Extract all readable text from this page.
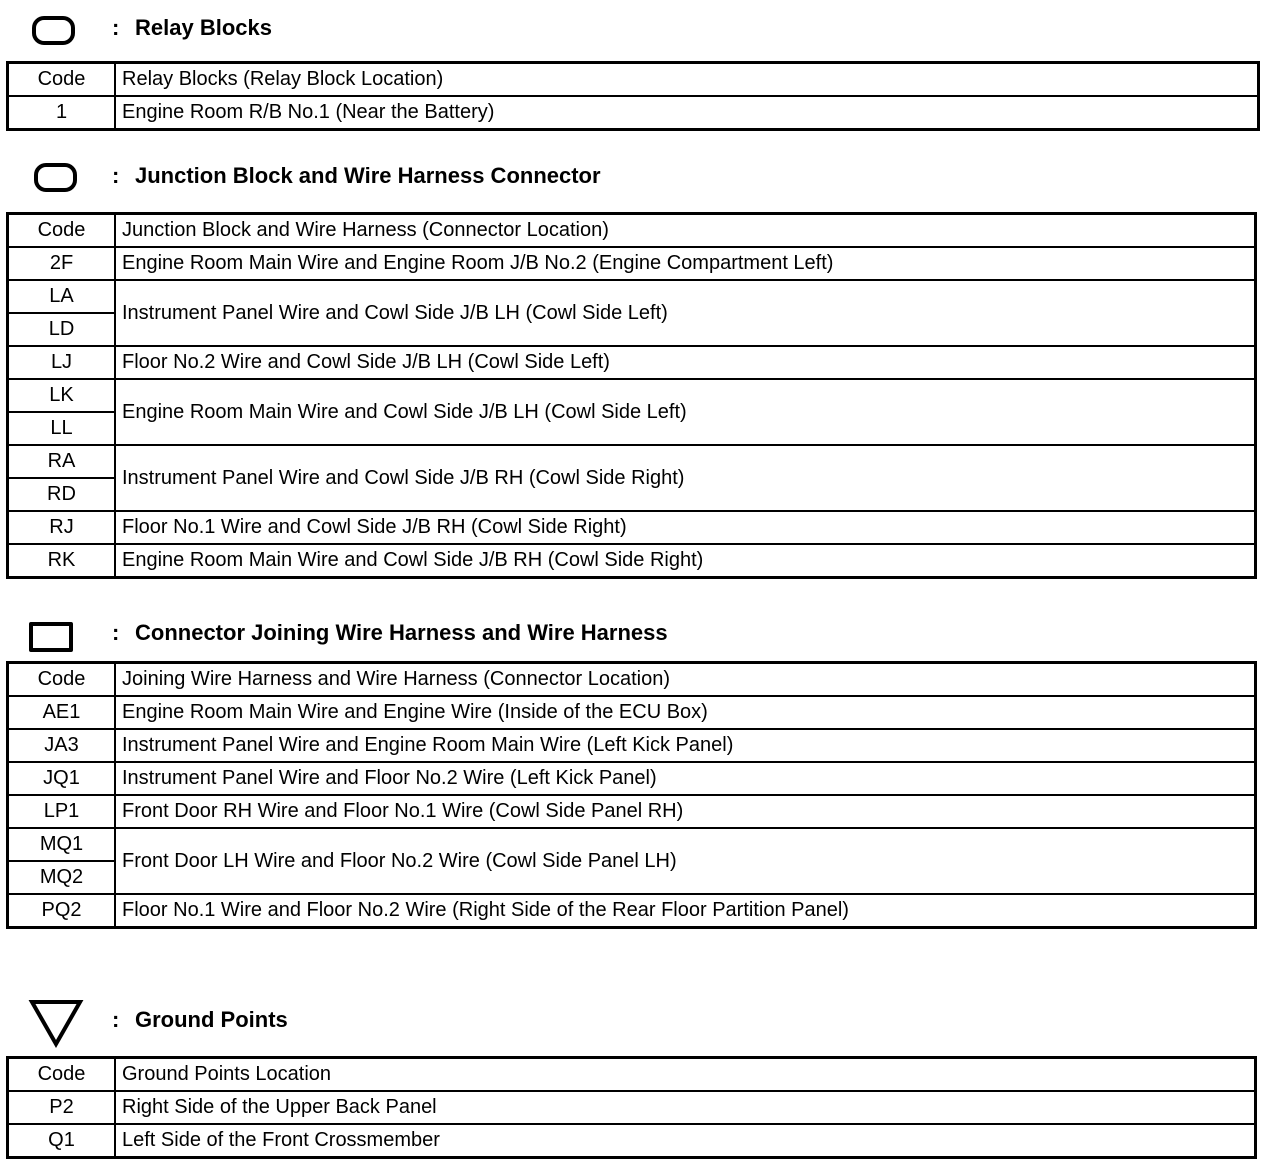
: Relay Blocks
Code	Relay Blocks (Relay Block Location)
1	Engine Room R/B No.1 (Near the Battery)
: Junction Block and Wire Harness Connector
Code	Junction Block and Wire Harness (Connector Location)
2F	Engine Room Main Wire and Engine Room J/B No.2 (Engine Compartment Left)
LA	Instrument Panel Wire and Cowl Side J/B LH (Cowl Side Left)
LD	
LJ	Floor No.2 Wire and Cowl Side J/B LH (Cowl Side Left)
LK	Engine Room Main Wire and Cowl Side J/B LH (Cowl Side Left)
LL	
RA	Instrument Panel Wire and Cowl Side J/B RH (Cowl Side Right)
RD	
RJ	Floor No.1 Wire and Cowl Side J/B RH (Cowl Side Right)
RK	Engine Room Main Wire and Cowl Side J/B RH (Cowl Side Right)
: Connector Joining Wire Harness and Wire Harness
Code	Joining Wire Harness and Wire Harness (Connector Location)
AE1	Engine Room Main Wire and Engine Wire (Inside of the ECU Box)

JA3	Instrument Panel Wire and Engine Room Main Wire (Left Kick Panel)
JQ1	Instrument Panel Wire and Floor No.2 Wire (Left Kick Panel)
LP1	Front Door RH Wire and Floor No.1 Wire (Cowl Side Panel RH)
MQ1	Front Door LH Wire and Floor No.2 Wire (Cowl Side Panel LH)
MQ2	
PQ2	Floor No.1 Wire and Floor No.2 Wire (Right Side of the Rear Floor Partition Panel)
: Ground Points
Code	Ground Points Location
P2	Right Side of the Upper Back Panel
Q1	Left Side of the Front Crossmember
